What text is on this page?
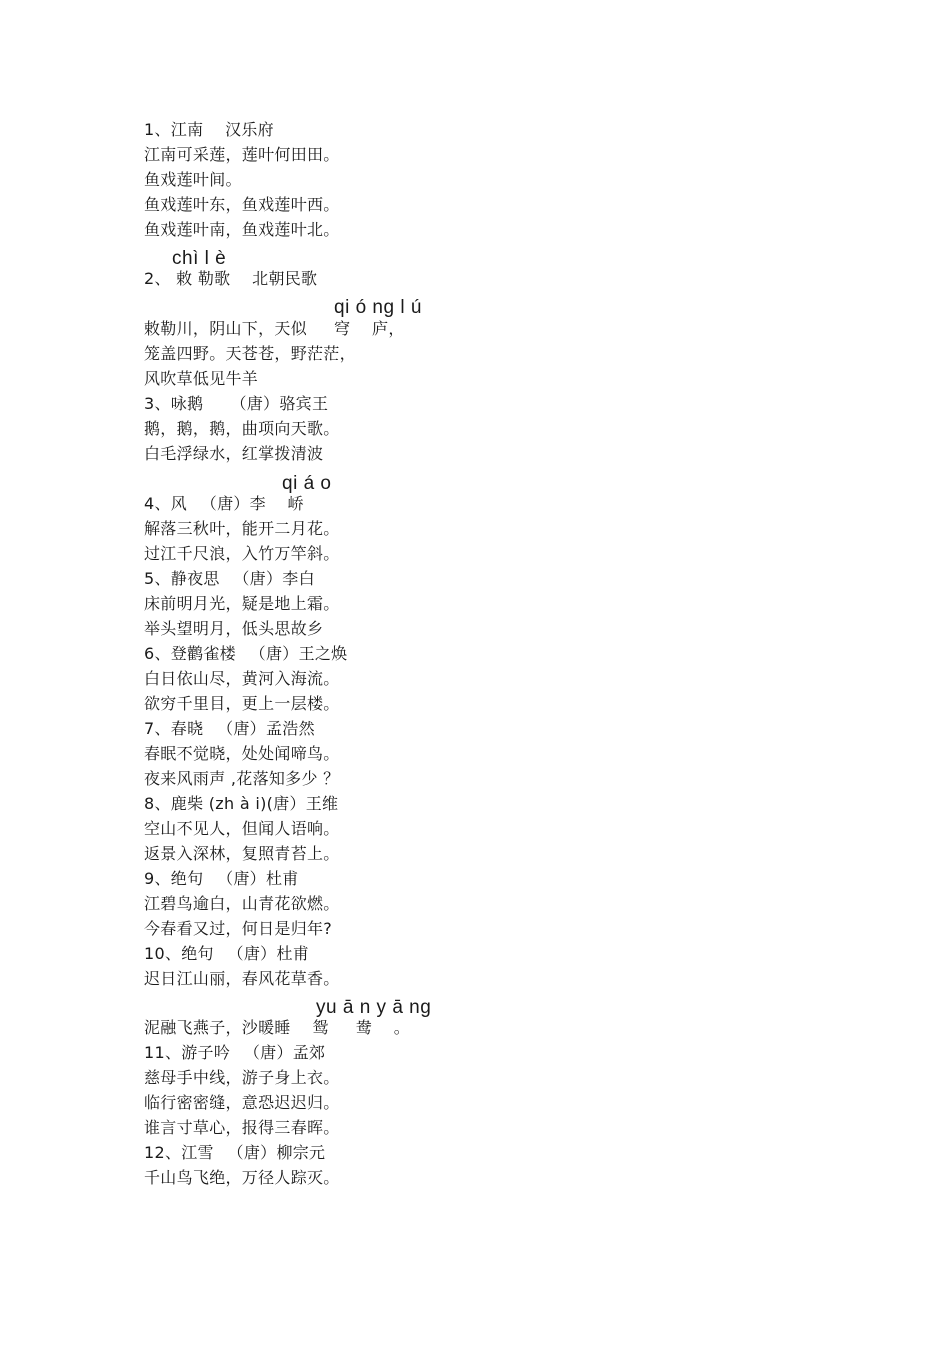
1、江南 　汉乐府
江南可采莲，莲叶何田田。
鱼戏莲叶间。
鱼戏莲叶东，鱼戏莲叶西。
鱼戏莲叶南，鱼戏莲叶北。
chì l è
2、 敕 勒歌 　北朝民歌
qi ó ng l ú
敕勒川，阴山下，天似 　 穹 　庐，
笼盖四野。天苍苍，野茫茫，
风吹草低见牛羊
3、咏鹅 　 （唐）骆宾王
鹅，鹅，鹅，曲项向天歌。
白毛浮绿水，红掌拨清波
qi á o
4、风 　（唐）李 　峤
解落三秋叶，能开二月花。
过江千尺浪，入竹万竿斜。
5、静夜思 　（唐）李白
床前明月光，疑是地上霜。
举头望明月，低头思故乡
6、登鹳雀楼 　（唐）王之焕
白日依山尽，黄河入海流。
欲穷千里目，更上一层楼。
7、春晓 　（唐）孟浩然
春眠不觉晓，处处闻啼鸟。
夜来风雨声 ,花落知多少 ？
8、鹿柴 (zh à i)(唐）王维
空山不见人，但闻人语响。
返景入深林，复照青苔上。
9、绝句 　（唐）杜甫
江碧鸟逾白，山青花欲燃。
今春看又过，何日是归年?
10、绝句 　（唐）杜甫
迟日江山丽，春风花草香。
yu ā n y ā ng
泥融飞燕子，沙暖睡 　鸳 　 鸯 　。
11、游子吟 　（唐）孟郊
慈母手中线，游子身上衣。
临行密密缝，意恐迟迟归。
谁言寸草心，报得三春晖。
12、江雪 　（唐）柳宗元
千山鸟飞绝，万径人踪灭。
